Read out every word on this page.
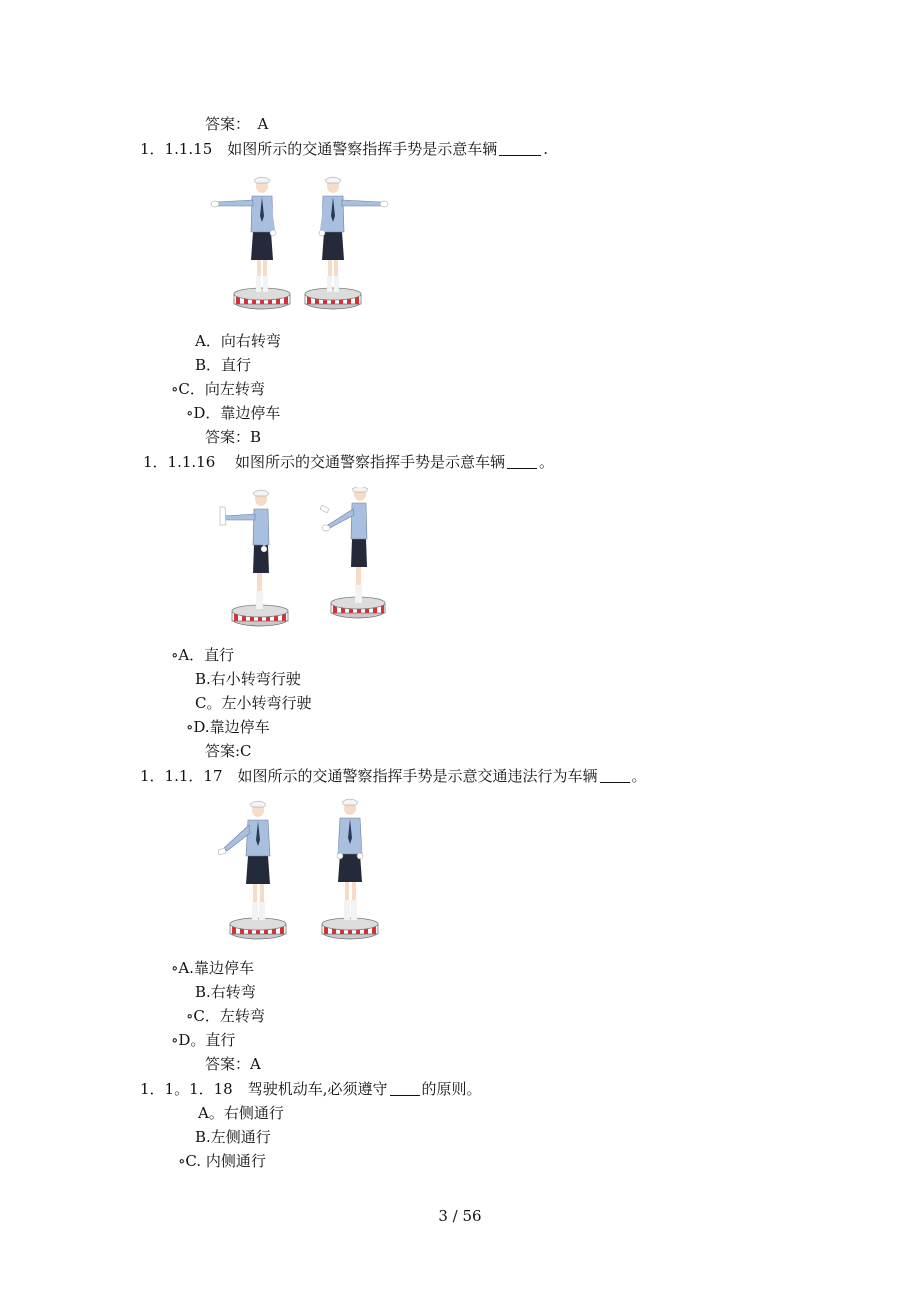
答案：　A
1．1.1.15　如图所示的交通警察指挥手势是示意车辆	.
A．向右转弯
B．直行
∘C．向左转弯
∘D．靠边停车
答案：B
1．1.1.16　 如图所示的交通警察指挥手势是示意车辆 。
∘A．直行
B.右小转弯行驶
C。左小转弯行驶
∘D.靠边停车
答案:C
1．1.1．17　如图所示的交通警察指挥手势是示意交通违法行为车辆 。
∘A.靠边停车
B.右转弯
∘C．左转弯
∘D。直行
答案：A
1．1。1．18　驾驶机动车,必须遵守 的原则。
A。右侧通行
B.左侧通行
∘C. 内侧通行
3 / 56
